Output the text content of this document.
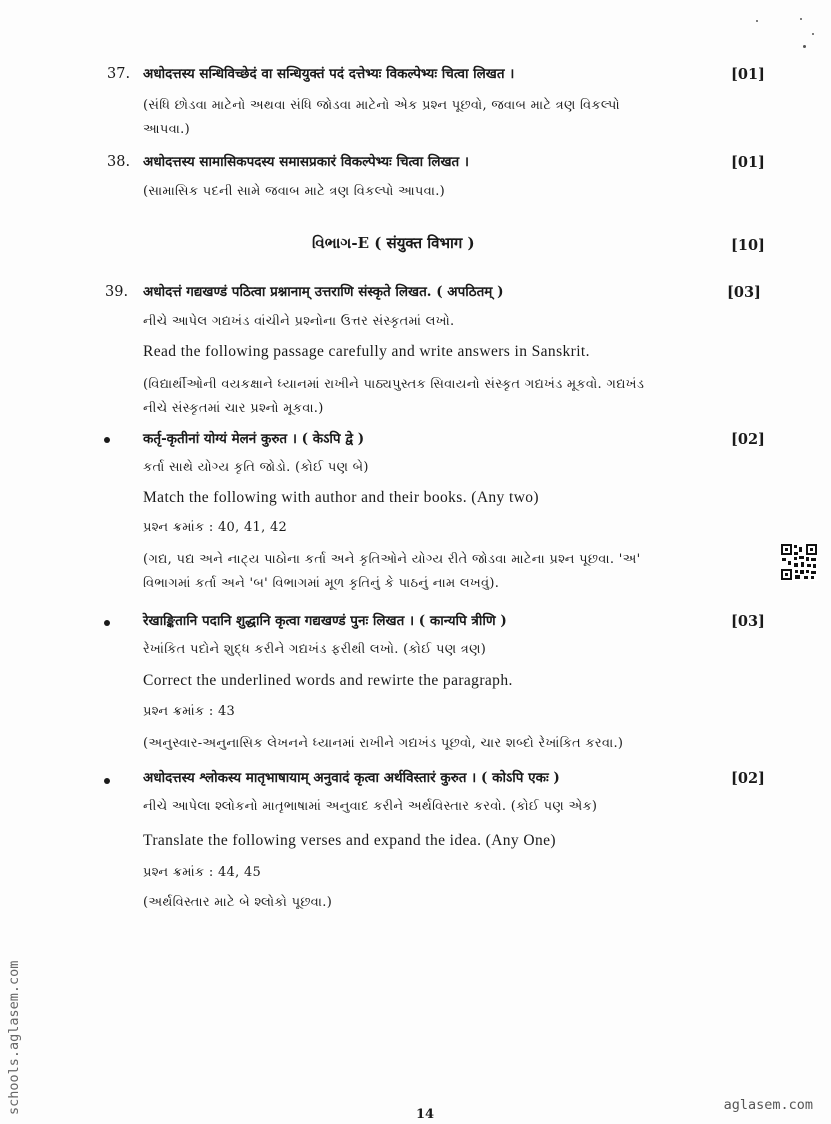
37. अधोदत्तस्य सन्धिविच्छेदं वा सन्धियुक्तं पदं दत्तेभ्यः विकल्पेभ्यः चित्वा लिखत ।	[01]
(સંધિ છોડવા માટેનો અથવા સંધિ જોડવા માટેનો એક પ્રશ્ન પૂછવો, જવાબ માટે ત્રણ વિકલ્પો
આપવા.)
38. अधोदत्तस्य सामासिकपदस्य समासप्रकारं विकल्पेभ्यः चित्वा लिखत ।	[01]
(સામાસિક પદની સામે જવાબ માટે ત્રણ વિકલ્પો આપવા.)
વિભાગ-E ( संयुक्त विभाग )	[10]
39. अधोदत्तं गद्यखण्डं पठित्वा प्रश्नानाम् उत्तराणि संस्कृते लिखत. ( अपठितम् )	[03]
નીચે આપેલ ગદ્યખંડ વાંચીને પ્રશ્નોના ઉત્તર સંસ્કૃતમાં લખો.
Read the following passage carefully and write answers in Sanskrit.
(વિદ્યાર્થીઓની વયકક્ષાને ધ્યાનમાં રાખીને પાઠ્યપુસ્તક સિવાયનો સંસ્કૃત ગદ્યખંડ મૂકવો. ગદ્યખંડ
નીચે સંસ્કૃતમાં ચાર પ્રશ્નો મૂકવા.)
कर्तृ-कृतीनां योग्यं मेलनं कुरुत । ( केऽपि द्वे )	[02]
કર્તા સાથે યોગ્ય કૃતિ જોડો. (કોઈ પણ બે)
Match the following with author and their books. (Any two)
પ્રશ્ન ક્રમાંક : 40, 41, 42
(ગદ્ય, પદ્ય અને નાટ્ય પાઠોના કર્તા અને કૃતિઓને યોગ્ય રીતે જોડવા માટેના પ્રશ્ન પૂછવા. 'અ'
વિભાગમાં કર્તા અને 'બ' વિભાગમાં મૂળ કૃતિનું કે પાઠનું નામ લખવું).
रेखाङ्कितानि पदानि शुद्धानि कृत्वा गद्यखण्डं पुनः लिखत । ( कान्यपि त्रीणि )	[03]
રેખાંકિત પદોને શુદ્ધ કરીને ગદ્યખંડ ફરીથી લખો. (કોઈ પણ ત્રણ)
Correct the underlined words and rewirte the paragraph.
પ્રશ્ન ક્રમાંક : 43
(અનુસ્વાર-અનુનાસિક લેખનને ધ્યાનમાં રાખીને ગદ્યખંડ પૂછવો, ચાર શબ્દો રેખાંકિત કરવા.)
अधोदत्तस्य श्लोकस्य मातृभाषायाम् अनुवादं कृत्वा अर्थविस्तारं कुरुत । ( कोऽपि एकः )	[02]
નીચે આપેલા શ્લોકનો માતૃભાષામાં અનુવાદ કરીને અર્થવિસ્તાર કરવો. (કોઈ પણ એક)
Translate the following verses and expand the idea. (Any One)
પ્રશ્ન ક્રમાંક : 44, 45
(અર્થવિસ્તાર માટે બે શ્લોકો પૂછવા.)
schools.aglasem.com	14
aglasem.com
